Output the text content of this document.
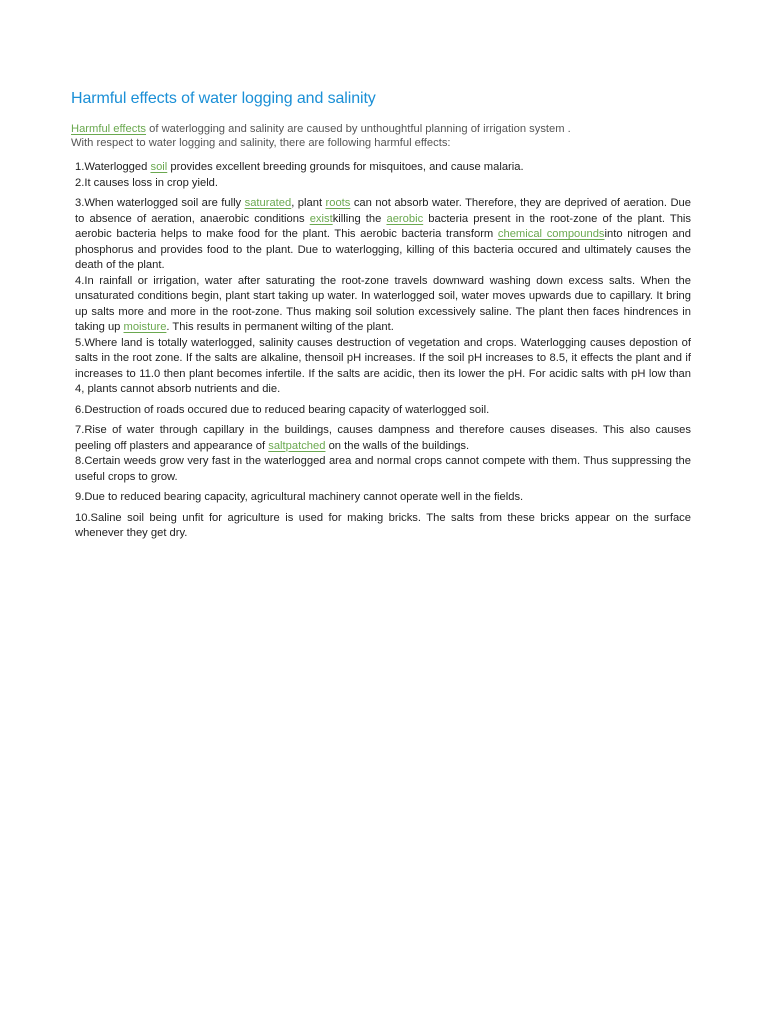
Harmful effects of water logging and salinity
Harmful effects of waterlogging and salinity are caused by unthoughtful planning of irrigation system .
With respect to water logging and salinity, there are following harmful effects:
1.Waterlogged soil provides excellent breeding grounds for misquitoes, and cause malaria.
2.It causes loss in crop yield.
3.When waterlogged soil are fully saturated, plant roots can not absorb water. Therefore, they are deprived of aeration. Due to absence of aeration, anaerobic conditions existkilling the aerobic bacteria present in the root-zone of the plant. This aerobic bacteria helps to make food for the plant. This aerobic bacteria transform chemical compoundsinto nitrogen and phosphorus and provides food to the plant. Due to waterlogging, killing of this bacteria occured and ultimately causes the death of the plant.
4.In rainfall or irrigation, water after saturating the root-zone travels downward washing down excess salts. When the unsaturated conditions begin, plant start taking up water. In waterlogged soil, water moves upwards due to capillary. It bring up salts more and more in the root-zone. Thus making soil solution excessively saline. The plant then faces hindrences in taking up moisture. This results in permanent wilting of the plant.
5.Where land is totally waterlogged, salinity causes destruction of vegetation and crops. Waterlogging causes depostion of salts in the root zone. If the salts are alkaline, thensoil pH increases. If the soil pH increases to 8.5, it effects the plant and if increases to 11.0 then plant becomes infertile. If the salts are acidic, then its lower the pH. For acidic salts with pH low than 4, plants cannot absorb nutrients and die.
6.Destruction of roads occured due to reduced bearing capacity of waterlogged soil.
7.Rise of water through capillary in the buildings, causes dampness and therefore causes diseases. This also causes peeling off plasters and appearance of saltpatched on the walls of the buildings.
8.Certain weeds grow very fast in the waterlogged area and normal crops cannot compete with them. Thus suppressing the useful crops to grow.
9.Due to reduced bearing capacity, agricultural machinery cannot operate well in the fields.
10.Saline soil being unfit for agriculture is used for making bricks. The salts from these bricks appear on the surface whenever they get dry.
